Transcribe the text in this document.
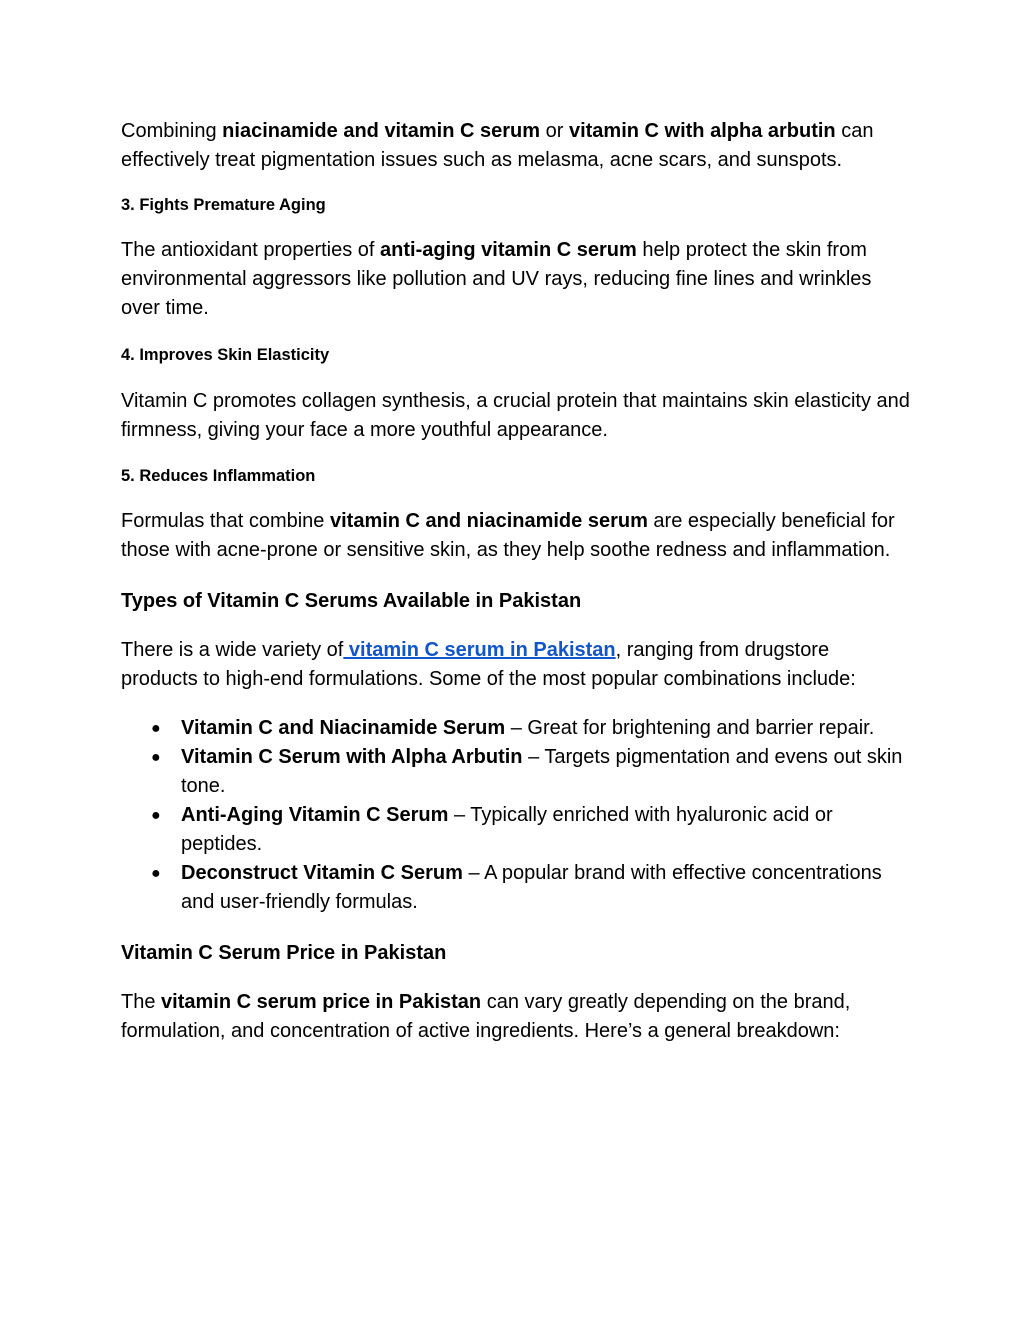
Combining niacinamide and vitamin C serum or vitamin C with alpha arbutin can effectively treat pigmentation issues such as melasma, acne scars, and sunspots.

3. Fights Premature Aging

The antioxidant properties of anti-aging vitamin C serum help protect the skin from environmental aggressors like pollution and UV rays, reducing fine lines and wrinkles over time.

4. Improves Skin Elasticity

Vitamin C promotes collagen synthesis, a crucial protein that maintains skin elasticity and firmness, giving your face a more youthful appearance.

5. Reduces Inflammation

Formulas that combine vitamin C and niacinamide serum are especially beneficial for those with acne-prone or sensitive skin, as they help soothe redness and inflammation.

Types of Vitamin C Serums Available in Pakistan

There is a wide variety of vitamin C serum in Pakistan, ranging from drugstore products to high-end formulations. Some of the most popular combinations include:

● Vitamin C and Niacinamide Serum – Great for brightening and barrier repair.
● Vitamin C Serum with Alpha Arbutin – Targets pigmentation and evens out skin tone.
● Anti-Aging Vitamin C Serum – Typically enriched with hyaluronic acid or peptides.
● Deconstruct Vitamin C Serum – A popular brand with effective concentrations and user-friendly formulas.
Vitamin C Serum Price in Pakistan

The vitamin C serum price in Pakistan can vary greatly depending on the brand, formulation, and concentration of active ingredients. Here’s a general breakdown:
